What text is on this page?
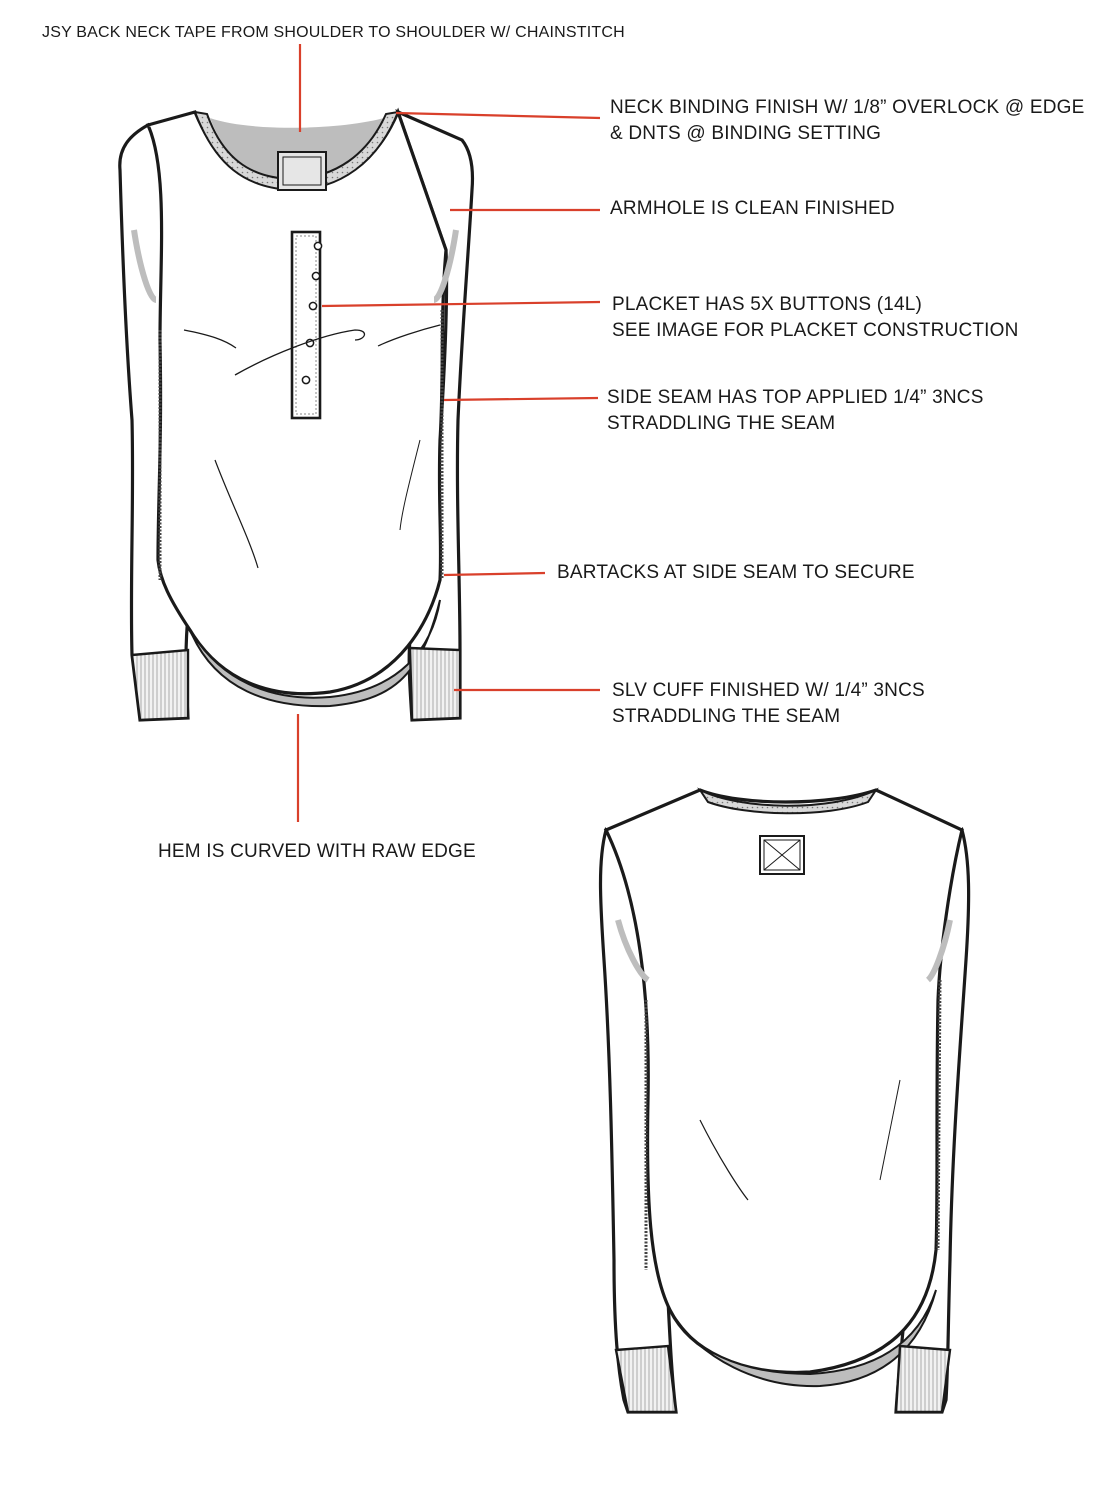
JSY BACK NECK TAPE FROM SHOULDER TO SHOULDER W/ CHAINSTITCH
NECK BINDING FINISH W/ 1/8” OVERLOCK @ EDGE
& DNTS @ BINDING SETTING
ARMHOLE IS CLEAN FINISHED
PLACKET HAS 5X BUTTONS (14L)
SEE IMAGE FOR PLACKET CONSTRUCTION
SIDE SEAM HAS TOP APPLIED 1/4” 3NCS
STRADDLING THE SEAM
BARTACKS AT SIDE SEAM TO SECURE
SLV CUFF FINISHED W/ 1/4” 3NCS
STRADDLING THE SEAM
HEM IS CURVED WITH RAW EDGE
